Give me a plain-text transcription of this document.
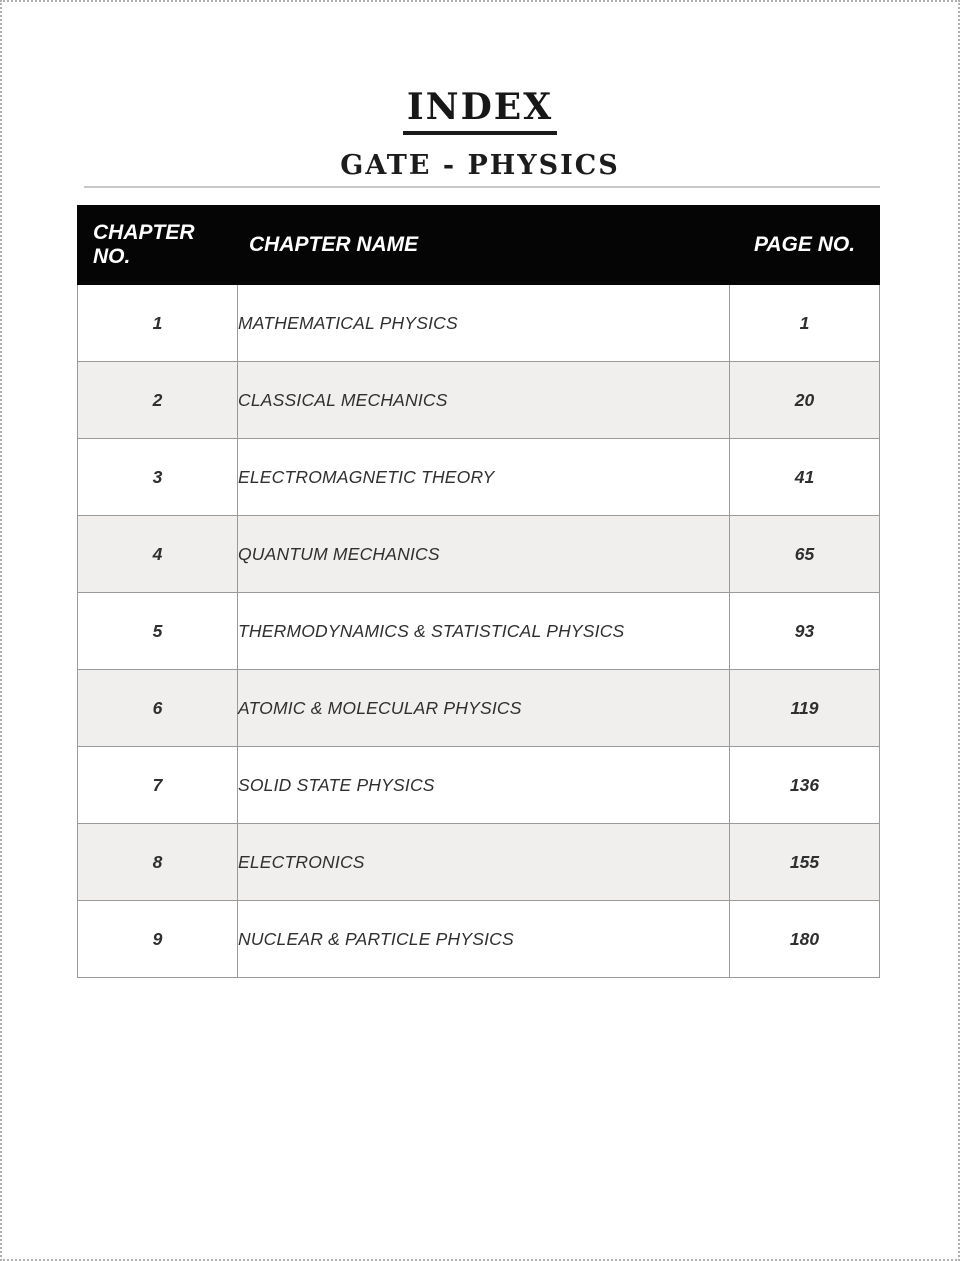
INDEX
GATE - PHYSICS
CHAPTER NO.	CHAPTER NAME	PAGE NO.
1	MATHEMATICAL PHYSICS	1
2	CLASSICAL MECHANICS	20
3	ELECTROMAGNETIC THEORY	41
4	QUANTUM MECHANICS	65
5	THERMODYNAMICS & STATISTICAL PHYSICS	93
6	ATOMIC & MOLECULAR PHYSICS	119
7	SOLID STATE PHYSICS	136
8	ELECTRONICS	155
9	NUCLEAR & PARTICLE PHYSICS	180
